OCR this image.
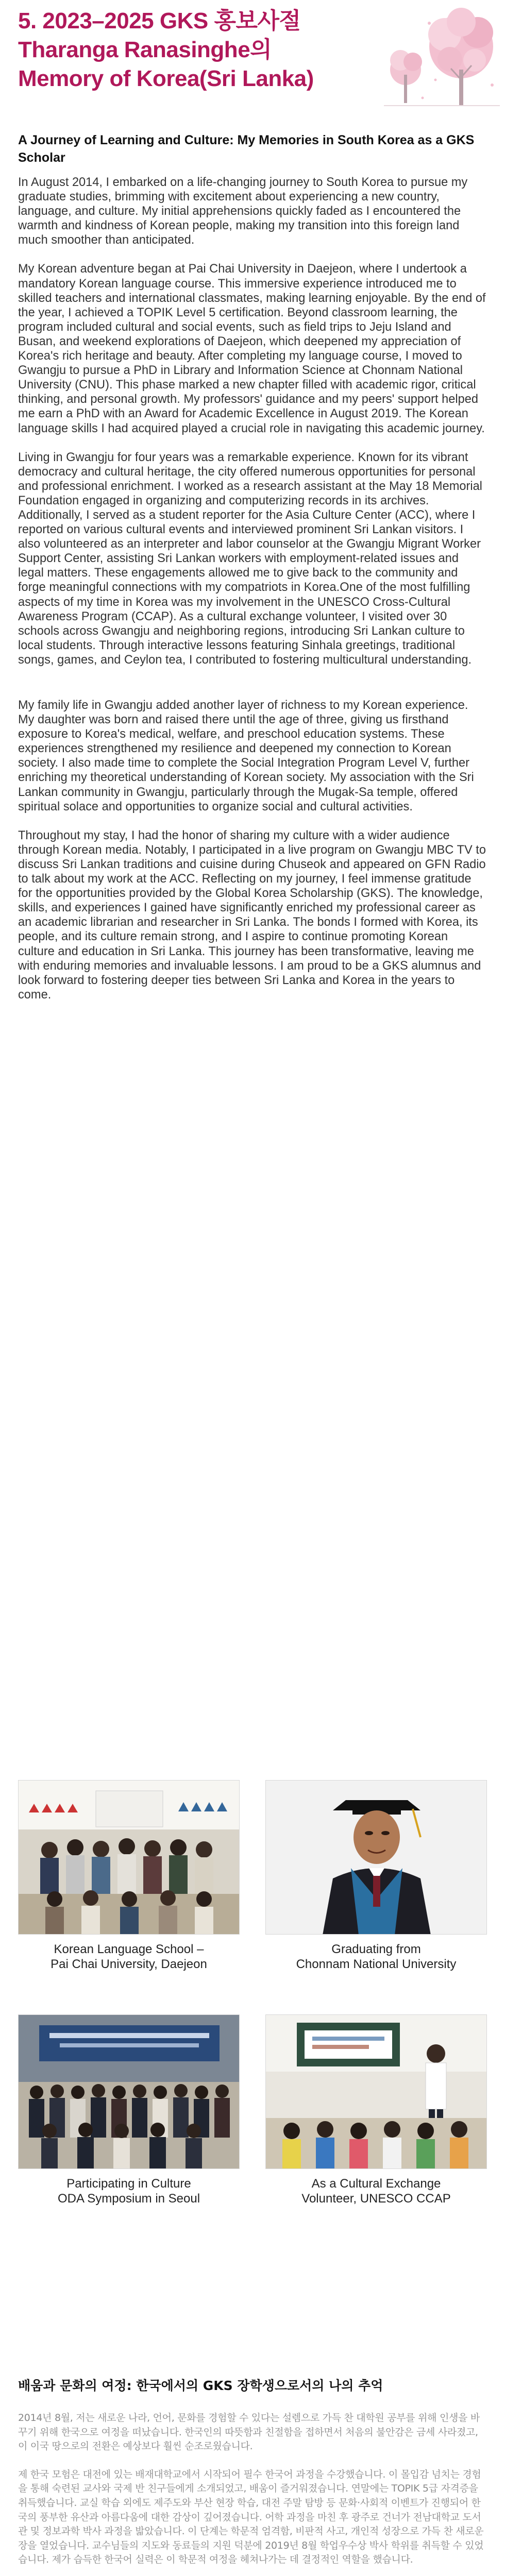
5. 2023–2025 GKS 홍보사절
Tharanga Ranasinghe의
Memory of Korea(Sri Lanka)
A Journey of Learning and Culture: My Memories in South Korea as a GKS Scholar

In August 2014, I embarked on a life-changing journey to South Korea to pursue my graduate studies, brimming with excitement about experiencing a new country, language, and culture. My initial apprehensions quickly faded as I encountered the warmth and kindness of Korean people, making my transition into this foreign land much smoother than anticipated.

My Korean adventure began at Pai Chai University in Daejeon, where I undertook a mandatory Korean language course. This immersive experience introduced me to skilled teachers and international classmates, making learning enjoyable. By the end of the year, I achieved a TOPIK Level 5 certification. Beyond classroom learning, the program included cultural and social events, such as field trips to Jeju Island and Busan, and weekend explorations of Daejeon, which deepened my appreciation of Korea's rich heritage and beauty. After completing my language course, I moved to Gwangju to pursue a PhD in Library and Information Science at Chonnam National University (CNU). This phase marked a new chapter filled with academic rigor, critical thinking, and personal growth. My professors' guidance and my peers' support helped me earn a PhD with an Award for Academic Excellence in August 2019. The Korean language skills I had acquired played a crucial role in navigating this academic journey.

Living in Gwangju for four years was a remarkable experience. Known for its vibrant democracy and cultural heritage, the city offered numerous opportunities for personal and professional enrichment. I worked as a research assistant at the May 18 Memorial Foundation engaged in organizing and computerizing records in its archives. Additionally, I served as a student reporter for the Asia Culture Center (ACC), where I reported on various cultural events and interviewed prominent Sri Lankan visitors. I also volunteered as an interpreter and labor counselor at the Gwangju Migrant Worker Support Center, assisting Sri Lankan workers with employment-related issues and legal matters. These engagements allowed me to give back to the community and forge meaningful connections with my compatriots in Korea.One of the most fulfilling aspects of my time in Korea was my involvement in the UNESCO Cross-Cultural Awareness Program (CCAP). As a cultural exchange volunteer, I visited over 30 schools across Gwangju and neighboring regions, introducing Sri Lankan culture to local students. Through interactive lessons featuring Sinhala greetings, traditional songs, games, and Ceylon tea, I contributed to fostering multicultural understanding.

My family life in Gwangju added another layer of richness to my Korean experience. My daughter was born and raised there until the age of three, giving us firsthand exposure to Korea's medical, welfare, and preschool education systems. These experiences strengthened my resilience and deepened my connection to Korean society. I also made time to complete the Social Integration Program Level V, further enriching my theoretical understanding of Korean society. My association with the Sri Lankan community in Gwangju, particularly through the Mugak-Sa temple, offered spiritual solace and opportunities to organize social and cultural activities.

Throughout my stay, I had the honor of sharing my culture with a wider audience through Korean media. Notably, I participated in a live program on Gwangju MBC TV to discuss Sri Lankan traditions and cuisine during Chuseok and appeared on GFN Radio to talk about my work at the ACC. Reflecting on my journey, I feel immense gratitude for the opportunities provided by the Global Korea Scholarship (GKS). The knowledge, skills, and experiences I gained have significantly enriched my professional career as an academic librarian and researcher in Sri Lanka. The bonds I formed with Korea, its people, and its culture remain strong, and I aspire to continue promoting Korean culture and education in Sri Lanka. This journey has been transformative, leaving me with enduring memories and invaluable lessons. I am proud to be a GKS alumnus and look forward to fostering deeper ties between Sri Lanka and Korea in the years to come.

Korean Language School –
Pai Chai University, Daejeon
Graduating from
Chonnam National University
Participating in Culture
ODA Symposium in Seoul
As a Cultural Exchange
Volunteer, UNESCO CCAP
배움과 문화의 여정: 한국에서의 GKS 장학생으로서의 나의 추억

2014년 8월, 저는 새로운 나라, 언어, 문화를 경험할 수 있다는 설렘으로 가득 찬 대학원 공부를 위해 인생을 바꾸기 위해 한국으로 여정을 떠났습니다. 한국인의 따뜻함과 친절함을 접하면서 처음의 불안감은 금세 사라졌고, 이 이국 땅으로의 전환은 예상보다 훨씬 순조로웠습니다.

제 한국 모험은 대전에 있는 배재대학교에서 시작되어 필수 한국어 과정을 수강했습니다. 이 몰입감 넘치는 경험을 통해 숙련된 교사와 국제 반 친구들에게 소개되었고, 배움이 즐거워졌습니다. 연말에는 TOPIK 5급 자격증을 취득했습니다. 교실 학습 외에도 제주도와 부산 현장 학습, 대전 주말 탐방 등 문화·사회적 이벤트가 진행되어 한국의 풍부한 유산과 아름다움에 대한 감상이 깊어졌습니다. 어학 과정을 마친 후 광주로 건너가 전남대학교 도서관 및 정보과학 박사 과정을 밟았습니다. 이 단계는 학문적 엄격함, 비판적 사고, 개인적 성장으로 가득 찬 새로운 장을 열었습니다. 교수님들의 지도와 동료들의 지원 덕분에 2019년 8월 학업우수상 박사 학위를 취득할 수 있었습니다. 제가 습득한 한국어 실력은 이 학문적 여정을 헤쳐나가는 데 결정적인 역할을 했습니다.
